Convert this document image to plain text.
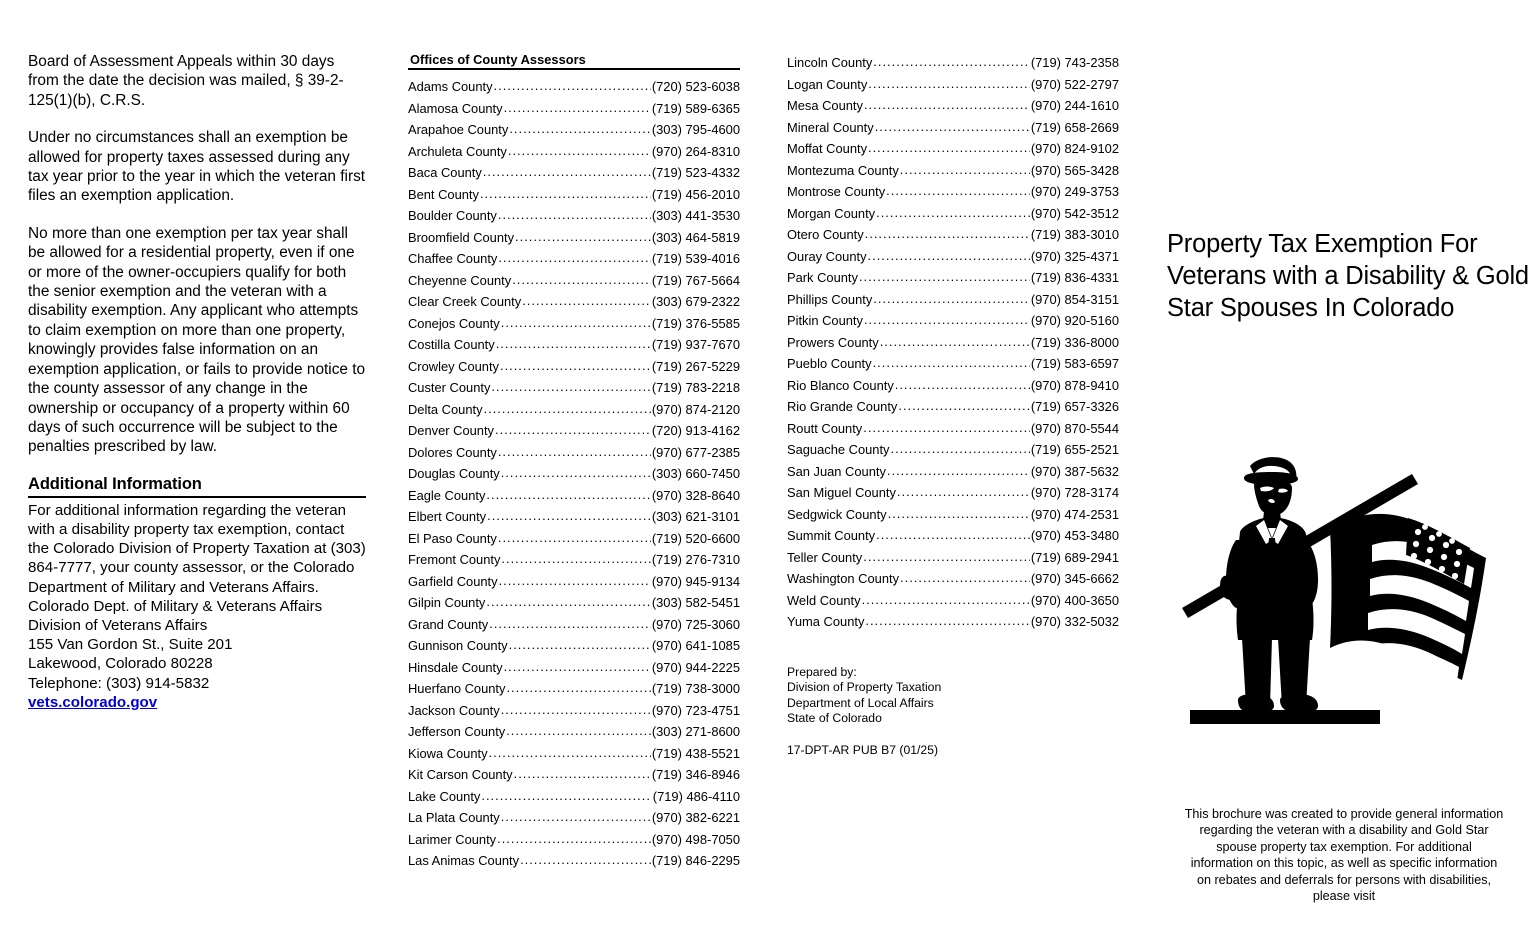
Board of Assessment Appeals within 30 days from the date the decision was mailed, § 39-2-125(1)(b), C.R.S.

Under no circumstances shall an exemption be allowed for property taxes assessed during any tax year prior to the year in which the veteran first files an exemption application.

No more than one exemption per tax year shall be allowed for a residential property, even if one or more of the owner-occupiers qualify for both the senior exemption and the veteran with a disability exemption. Any applicant who attempts to claim exemption on more than one property, knowingly provides false information on an exemption application, or fails to provide notice to the county assessor of any change in the ownership or occupancy of a property within 60 days of such occurrence will be subject to the penalties prescribed by law.

Additional Information

For additional information regarding the veteran with a disability property tax exemption, contact the Colorado Division of Property Taxation at (303) 864-7777, your county assessor, or the Colorado Department of Military and Veterans Affairs.

Colorado Dept. of Military & Veterans Affairs

Division of Veterans Affairs

155 Van Gordon St., Suite 201

Lakewood, Colorado 80228

Telephone: (303) 914-5832

vets.colorado.gov
Offices of County Assessors
Adams County .....	(720) 523-6038
Alamosa County .....	(719) 589-6365
Arapahoe County .....	(303) 795-4600
Archuleta County .....	(970) 264-8310
Baca County .....	(719) 523-4332
Bent County .....	(719) 456-2010
Boulder County .....	(303) 441-3530
Broomfield County .....	(303) 464-5819
Chaffee County .....	(719) 539-4016
Cheyenne County .....	(719) 767-5664
Clear Creek County .....	(303) 679-2322
Conejos County .....	(719) 376-5585
Costilla County .....	(719) 937-7670
Crowley County .....	(719) 267-5229
Custer County .....	(719) 783-2218
Delta County .....	(970) 874-2120
Denver County .....	(720) 913-4162
Dolores County .....	(970) 677-2385
Douglas County .....	(303) 660-7450
Eagle County .....	(970) 328-8640
Elbert County .....	(303) 621-3101
El Paso County .....	(719) 520-6600
Fremont County .....	(719) 276-7310
Garfield County .....	(970) 945-9134
Gilpin County .....	(303) 582-5451
Grand County .....	(970) 725-3060
Gunnison County .....	(970) 641-1085
Hinsdale County .....	(970) 944-2225
Huerfano County .....	(719) 738-3000
Jackson County .....	(970) 723-4751
Jefferson County .....	(303) 271-8600
Kiowa County .....	(719) 438-5521
Kit Carson County .....	(719) 346-8946
Lake County .....	(719) 486-4110
La Plata County .....	(970) 382-6221
Larimer County .....	(970) 498-7050
Las Animas County .....	(719) 846-2295
Lincoln County .....	(719) 743-2358
Logan County .....	(970) 522-2797
Mesa County .....	(970) 244-1610
Mineral County .....	(719) 658-2669
Moffat County .....	(970) 824-9102
Montezuma County .....	(970) 565-3428
Montrose County .....	(970) 249-3753
Morgan County .....	(970) 542-3512
Otero County .....	(719) 383-3010
Ouray County .....	(970) 325-4371
Park County .....	(719) 836-4331
Phillips County .....	(970) 854-3151
Pitkin County .....	(970) 920-5160
Prowers County .....	(719) 336-8000
Pueblo County .....	(719) 583-6597
Rio Blanco County .....	(970) 878-9410
Rio Grande County .....	(719) 657-3326
Routt County .....	(970) 870-5544
Saguache County .....	(719) 655-2521
San Juan County .....	(970) 387-5632
San Miguel County .....	(970) 728-3174
Sedgwick County .....	(970) 474-2531
Summit County .....	(970) 453-3480
Teller County .....	(719) 689-2941
Washington County .....	(970) 345-6662
Weld County .....	(970) 400-3650
Yuma County .....	(970) 332-5032

Prepared by:

Division of Property Taxation

Department of Local Affairs

State of Colorado

17-DPT-AR PUB B7 (01/25)

Property Tax Exemption For Veterans with a Disability & Gold Star Spouses In Colorado

This brochure was created to provide general information regarding the veteran with a disability and Gold Star spouse property tax exemption. For additional information on this topic, as well as specific information on rebates and deferrals for persons with disabilities, please visit
